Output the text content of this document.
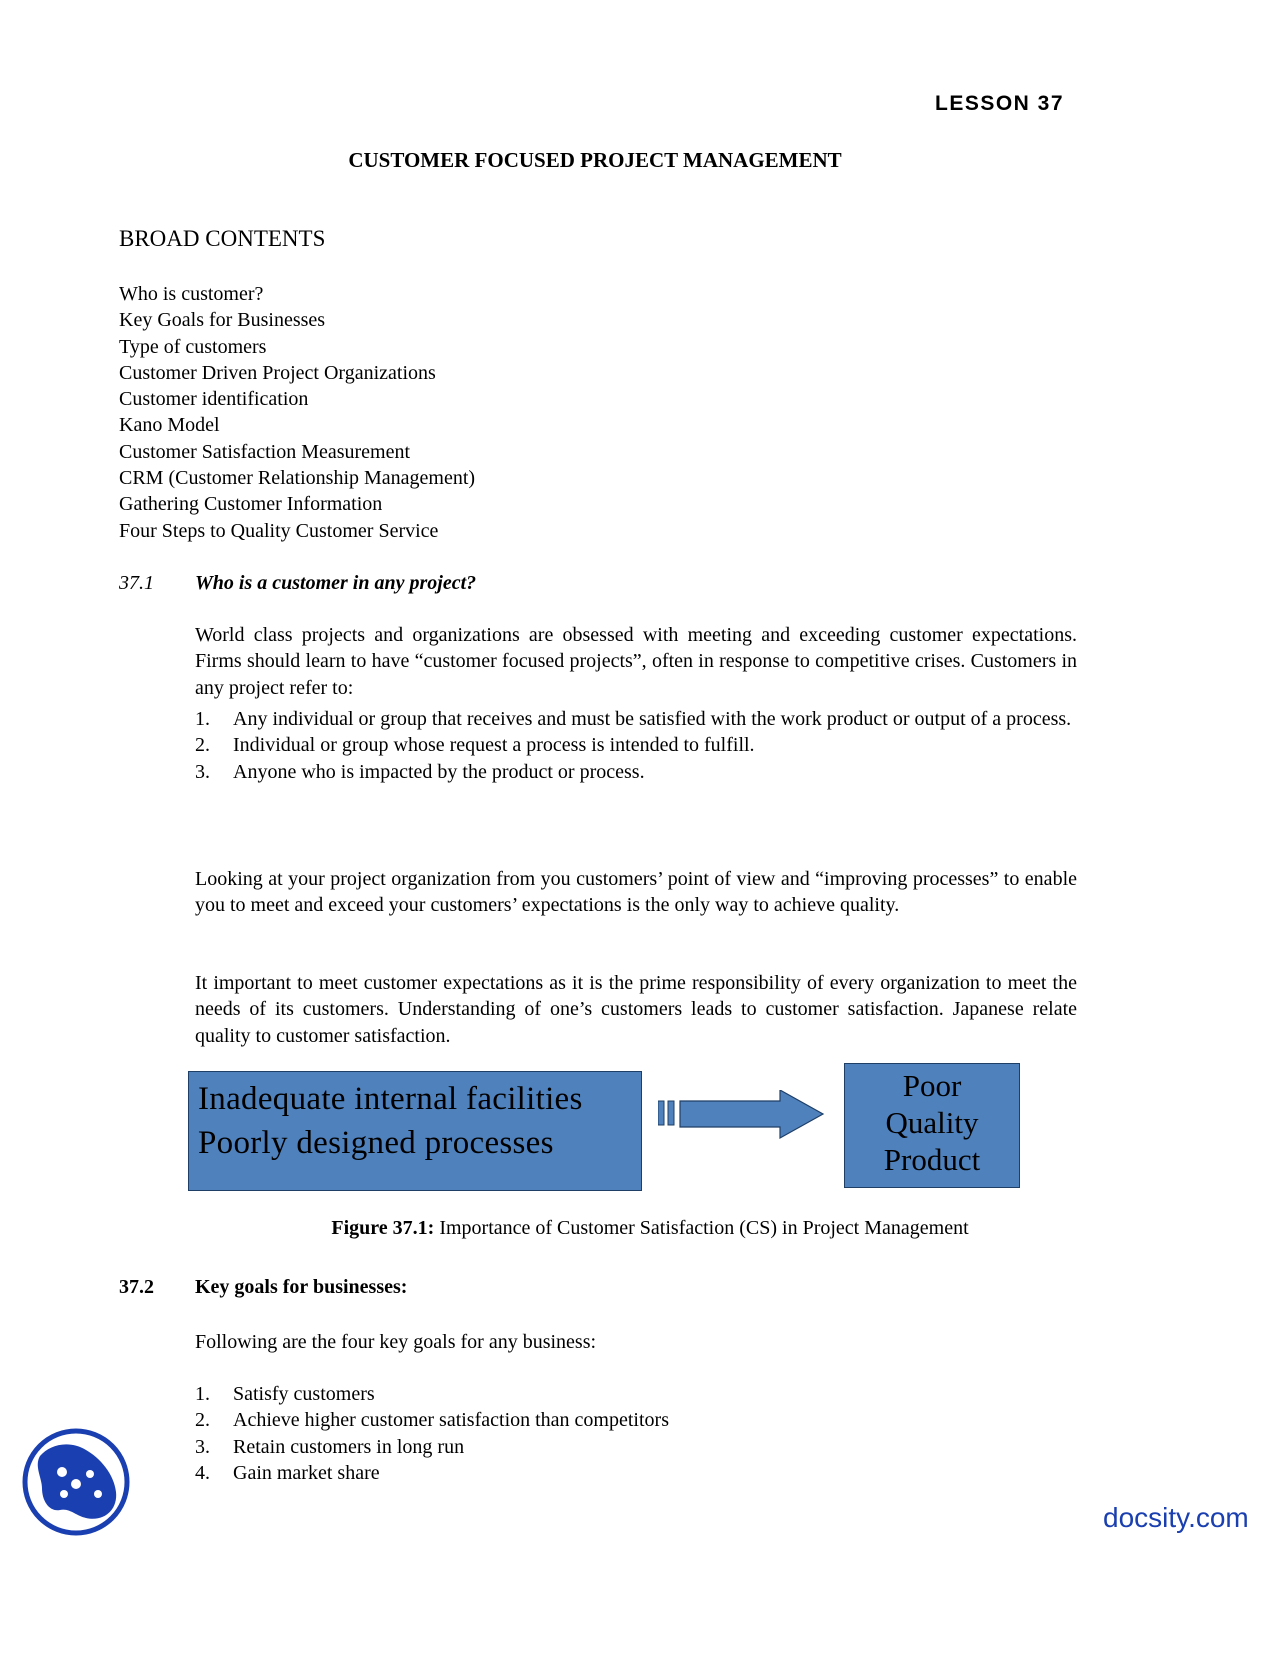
LESSON 37
CUSTOMER FOCUSED PROJECT MANAGEMENT
BROAD CONTENTS
Who is customer?
Key Goals for Businesses
Type of customers
Customer Driven Project Organizations
Customer identification
Kano Model
Customer Satisfaction Measurement
CRM (Customer Relationship Management)
Gathering Customer Information
Four Steps to Quality Customer Service
37.1 Who is a customer in any project?
World class projects and organizations are obsessed with meeting and exceeding customer expectations. Firms should learn to have “customer focused projects”, often in response to competitive crises. Customers in any project refer to:
1. Any individual or group that receives and must be satisfied with the work product or output of a process.
2. Individual or group whose request a process is intended to fulfill.
3. Anyone who is impacted by the product or process.
Looking at your project organization from you customers’ point of view and “improving processes” to enable you to meet and exceed your customers’ expectations is the only way to achieve quality.
It important to meet customer expectations as it is the prime responsibility of every organization to meet the needs of its customers. Understanding of one’s customers leads to customer satisfaction. Japanese relate quality to customer satisfaction.
Inadequate internal facilities
Poorly designed processes
Poor
Quality
Product
Figure 37.1: Importance of Customer Satisfaction (CS) in Project Management
37.2 Key goals for businesses:
Following are the four key goals for any business:
1. Satisfy customers
2. Achieve higher customer satisfaction than competitors
3. Retain customers in long run
4. Gain market share
docsity.com
